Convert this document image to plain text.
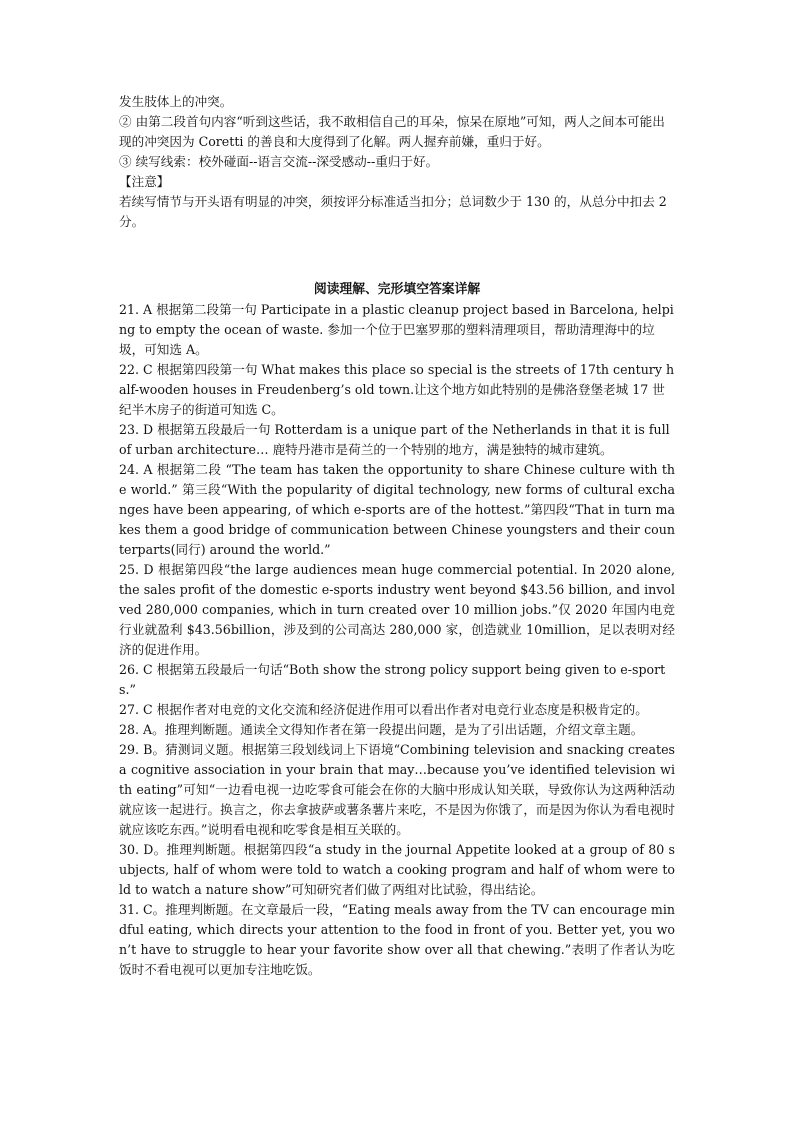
发生肢体上的冲突。

② 由第二段首句内容“听到这些话，我不敢相信自己的耳朵，惊呆在原地”可知，两人之间本可能出现的冲突因为 Coretti 的善良和大度得到了化解。两人握弃前嫌，重归于好。

③ 续写线索：校外碰面--语言交流--深受感动--重归于好。

【注意】

若续写情节与开头语有明显的冲突，须按评分标准适当扣分；总词数少于 130 的，从总分中扣去 2分。

阅读理解、完形填空答案详解

21. A 根据第二段第一句 Participate in a plastic cleanup project based in Barcelona, helping to empty the ocean of waste. 参加一个位于巴塞罗那的塑料清理项目，帮助清理海中的垃圾，可知选 A。

22. C 根据第四段第一句 What makes this place so special is the streets of 17th century half-wooden houses in Freudenberg’s old town.让这个地方如此特别的是佛洛登堡老城 17 世纪半木房子的街道可知选 C。

23. D 根据第五段最后一句 Rotterdam is a unique part of the Netherlands in that it is full of urban architecture… 鹿特丹港市是荷兰的一个特别的地方，满是独特的城市建筑。

24. A 根据第二段 “The team has taken the opportunity to share Chinese culture with the world.” 第三段“With the popularity of digital technology, new forms of cultural exchanges have been appearing, of which e-sports are of the hottest.”第四段“That in turn makes them a good bridge of communication between Chinese youngsters and their counterparts(同行) around the world.”

25. D 根据第四段“the large audiences mean huge commercial potential. In 2020 alone, the sales profit of the domestic e-sports industry went beyond $43.56 billion, and involved 280,000 companies, which in turn created over 10 million jobs.”仅 2020 年国内电竞行业就盈利 $43.56billion，涉及到的公司高达 280,000 家，创造就业 10million，足以表明对经济的促进作用。

26. C 根据第五段最后一句话“Both show the strong policy support being given to e-sports.”

27. C 根据作者对电竞的文化交流和经济促进作用可以看出作者对电竞行业态度是积极肯定的。

28. A。推理判断题。通读全文得知作者在第一段提出问题，是为了引出话题，介绍文章主题。

29. B。猜测词义题。根据第三段划线词上下语境“Combining television and snacking creates a cognitive association in your brain that may…because you’ve identified television with eating”可知“一边看电视一边吃零食可能会在你的大脑中形成认知关联，导致你认为这两种活动就应该一起进行。换言之，你去拿披萨或薯条薯片来吃，不是因为你饿了，而是因为你认为看电视时就应该吃东西。”说明看电视和吃零食是相互关联的。

30. D。推理判断题。根据第四段“a study in the journal Appetite looked at a group of 80 subjects, half of whom were told to watch a cooking program and half of whom were told to watch a nature show”可知研究者们做了两组对比试验，得出结论。

31. C。推理判断题。在文章最后一段，“Eating meals away from the TV can encourage mindful eating, which directs your attention to the food in front of you. Better yet, you won’t have to struggle to hear your favorite show over all that chewing.”表明了作者认为吃饭时不看电视可以更加专注地吃饭。
